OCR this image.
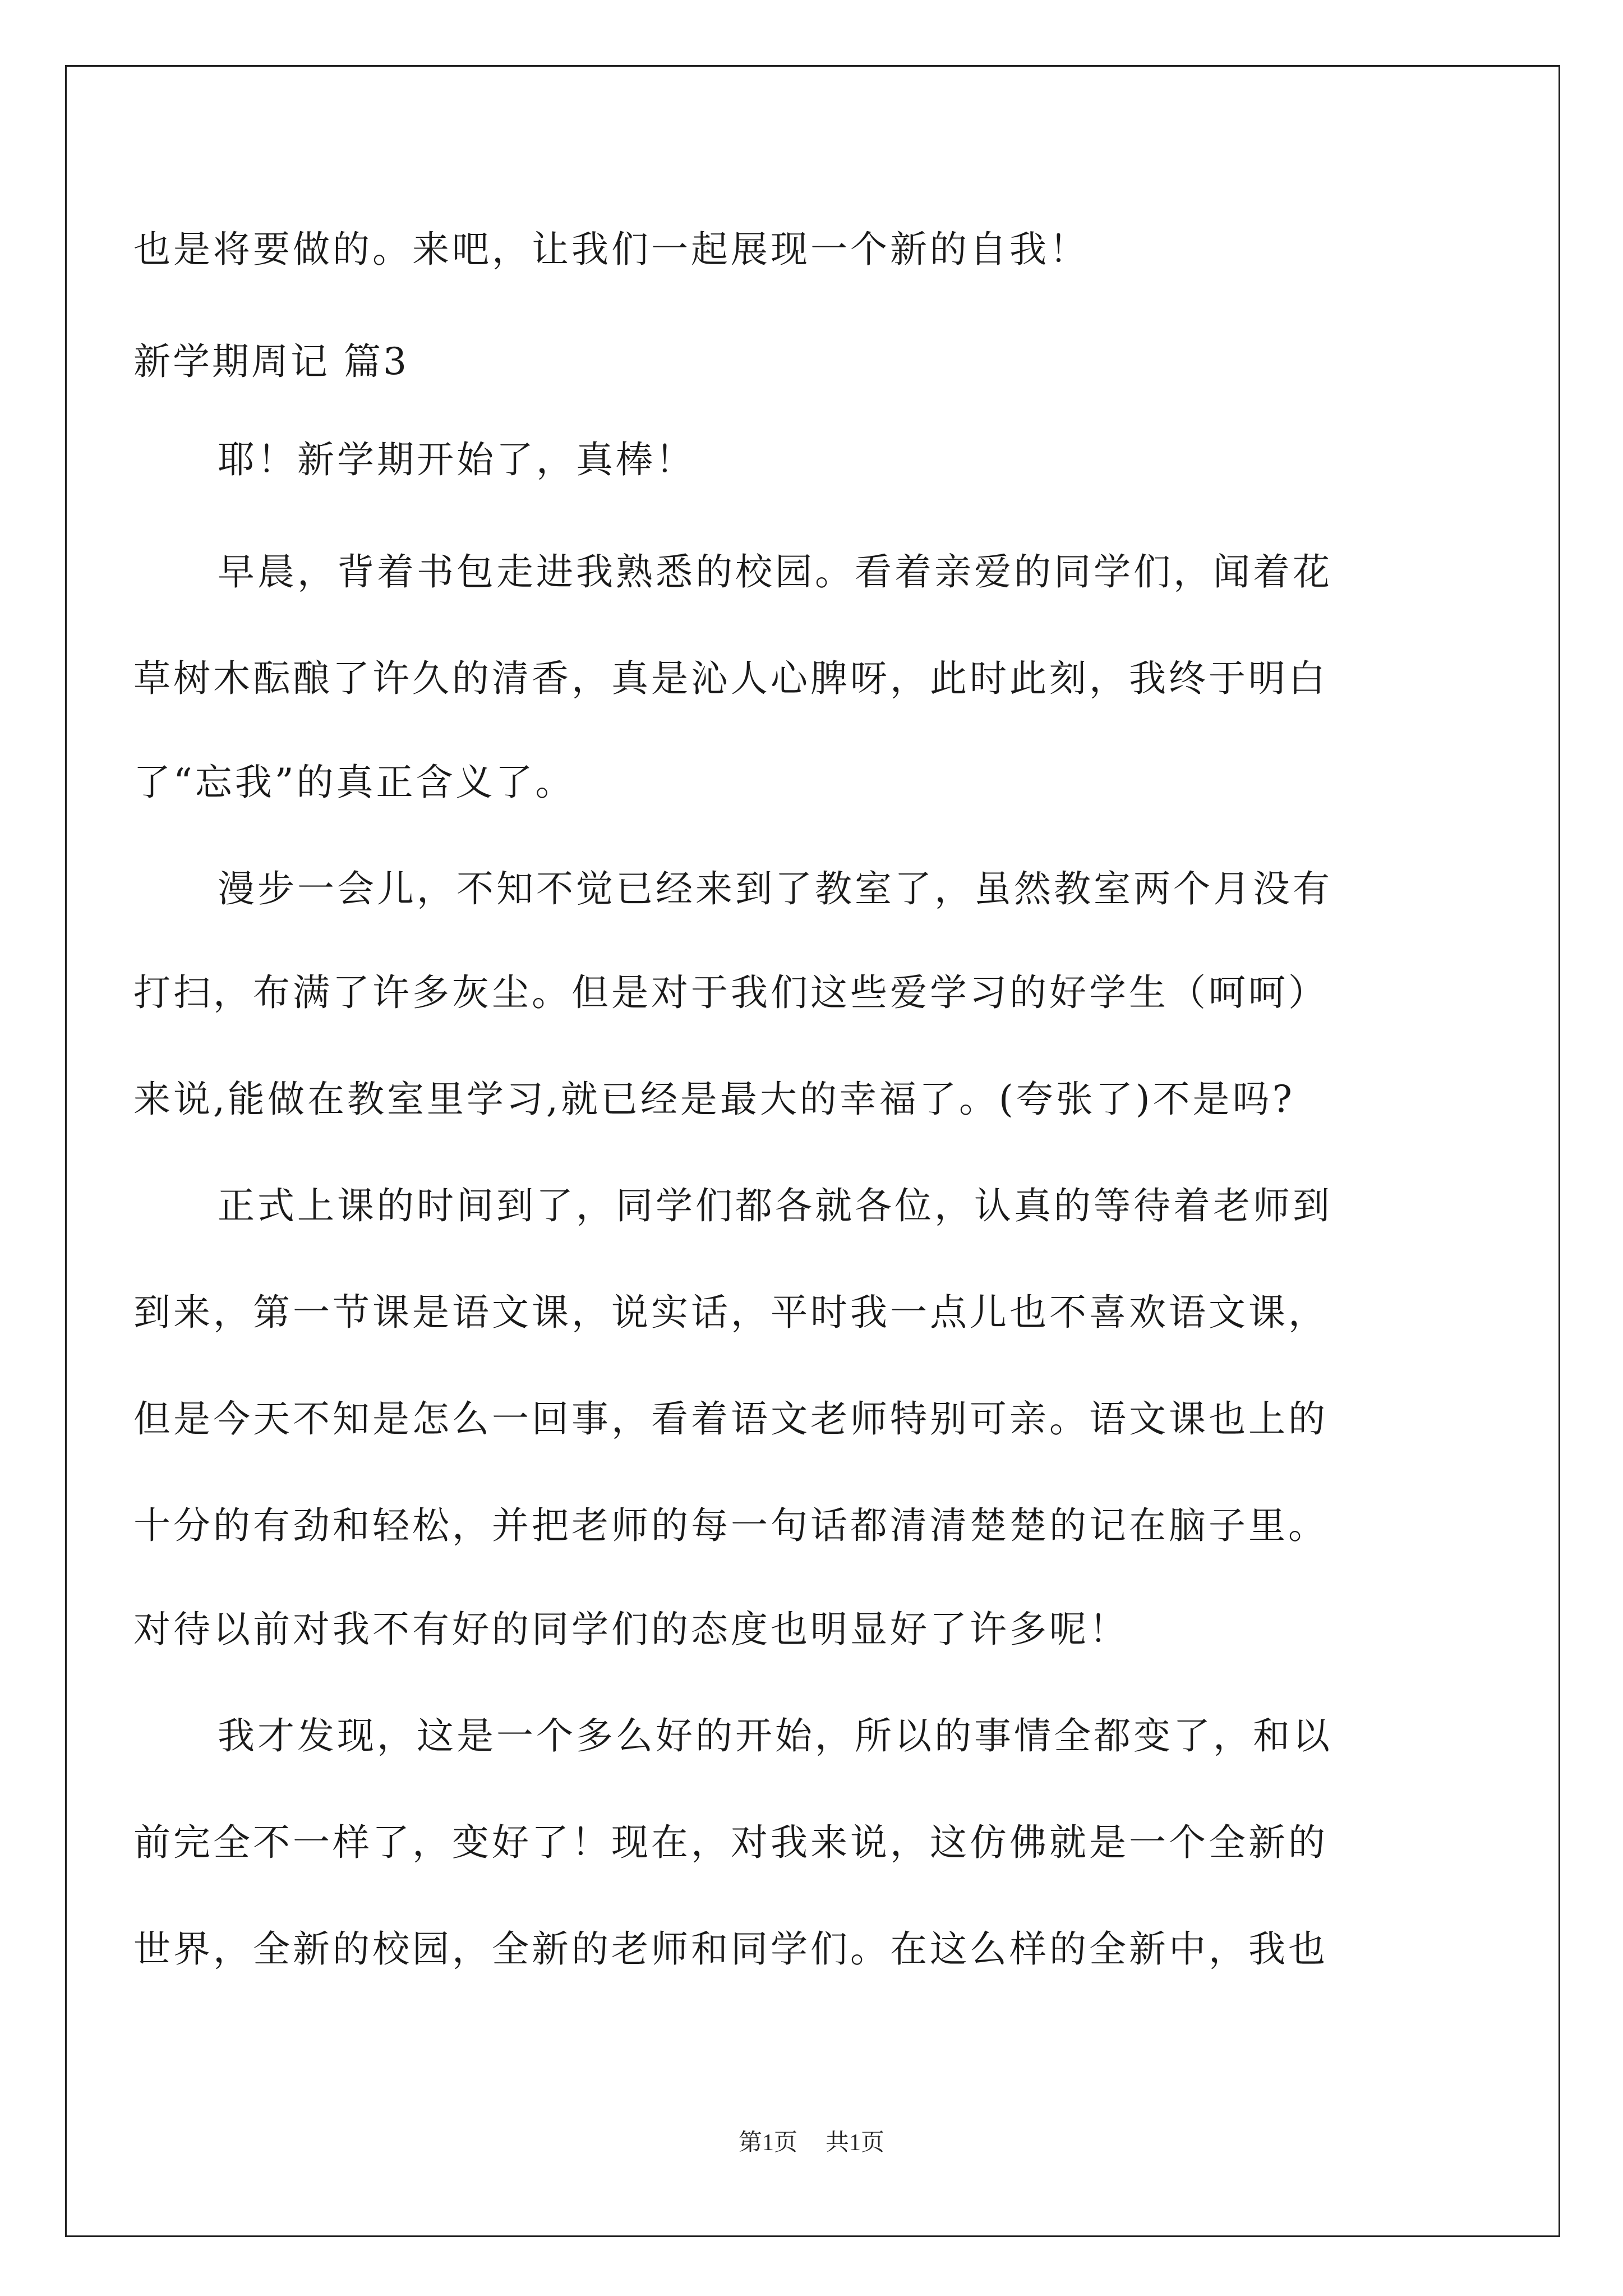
也是将要做的。来吧，让我们一起展现一个新的自我！
新学期周记 篇3
耶！新学期开始了，真棒！
早晨，背着书包走进我熟悉的校园。看着亲爱的同学们，闻着花
草树木酝酿了许久的清香，真是沁人心脾呀，此时此刻，我终于明白
了“忘我”的真正含义了。
漫步一会儿，不知不觉已经来到了教室了，虽然教室两个月没有
打扫，布满了许多灰尘。但是对于我们这些爱学习的好学生（呵呵）
来说,能做在教室里学习,就已经是最大的幸福了。(夸张了)不是吗?
正式上课的时间到了，同学们都各就各位，认真的等待着老师到
到来，第一节课是语文课，说实话，平时我一点儿也不喜欢语文课，
但是今天不知是怎么一回事，看着语文老师特别可亲。语文课也上的
十分的有劲和轻松，并把老师的每一句话都清清楚楚的记在脑子里。
对待以前对我不有好的同学们的态度也明显好了许多呢！
我才发现，这是一个多么好的开始，所以的事情全都变了，和以
前完全不一样了，变好了！现在，对我来说，这仿佛就是一个全新的
世界，全新的校园，全新的老师和同学们。在这么样的全新中，我也
第1页 共1页
